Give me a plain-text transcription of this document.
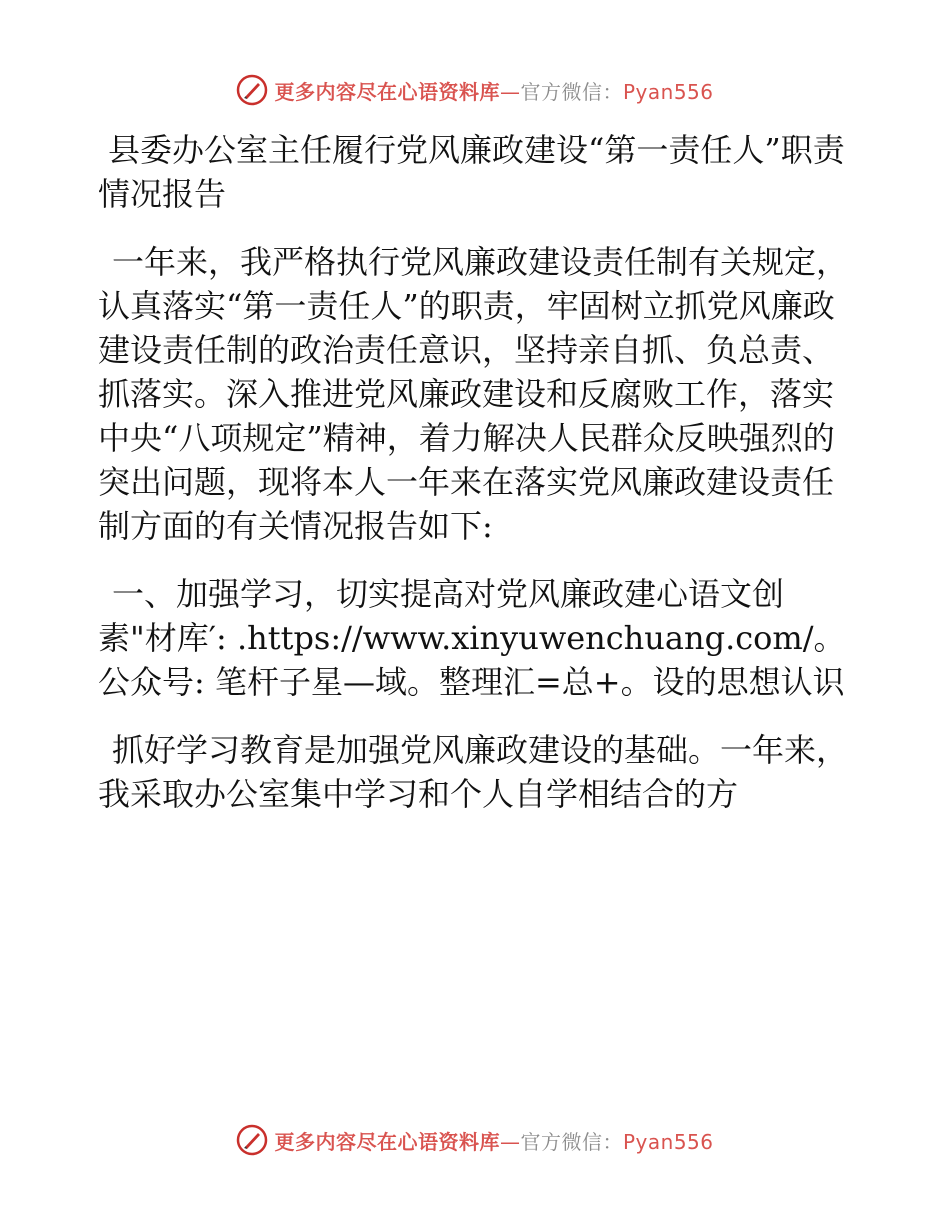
更多内容尽在心语资料库—官方微信：Pyan556
县委办公室主任履行党风廉政建设“第一责任人”职责情况报告

一年来，我严格执行党风廉政建设责任制有关规定，认真落实“第一责任人”的职责，牢固树立抓党风廉政建设责任制的政治责任意识，坚持亲自抓、负总责、抓落实。深入推进党风廉政建设和反腐败工作，落实中央“八项规定”精神，着力解决人民群众反映强烈的突出问题，现将本人一年来在落实党风廉政建设责任制方面的有关情况报告如下:

一、加强学习，切实提高对党风廉政建心语文创素"材库′: .https://www.xinyuwenchuang.com/。公众号: 笔杆子星—域。整理汇=总+。设的思想认识

抓好学习教育是加强党风廉政建设的基础。一年来，我采取办公室集中学习和个人自学相结合的方

更多内容尽在心语资料库—官方微信：Pyan556
